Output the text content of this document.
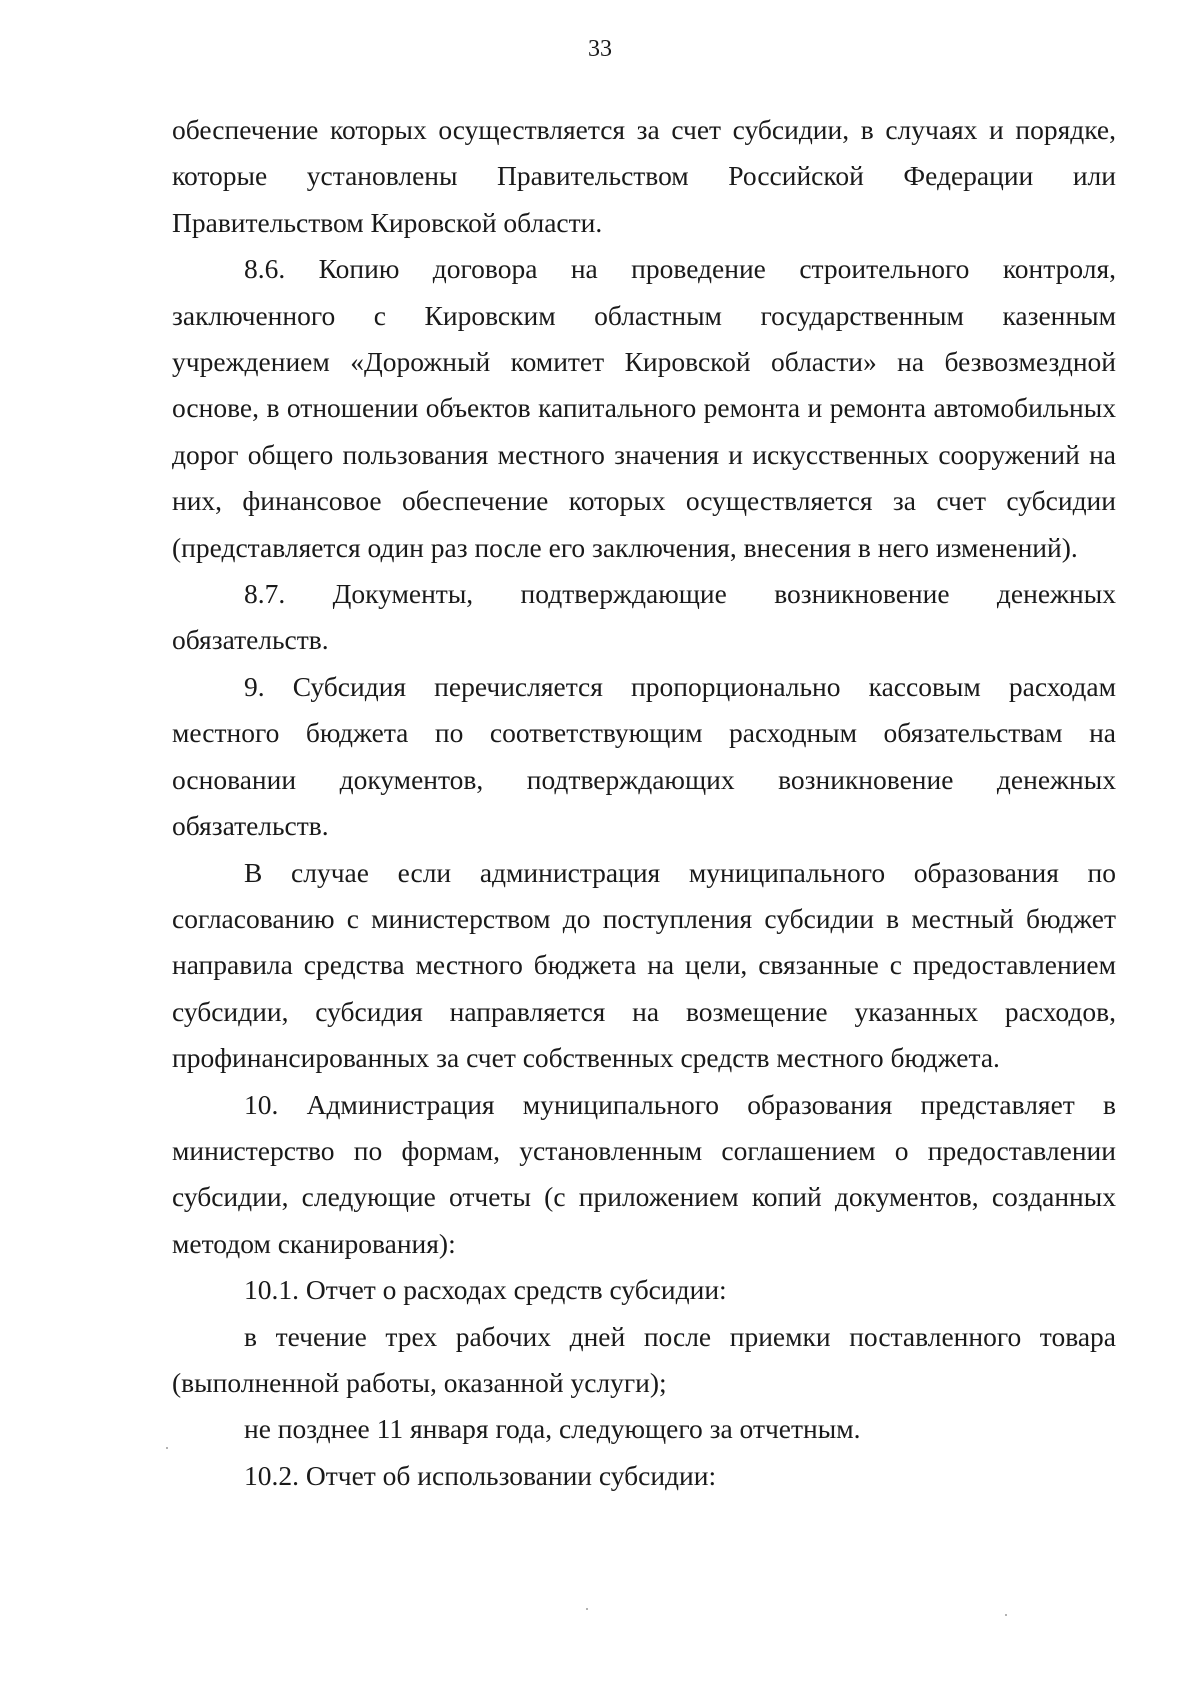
33

обеспечение которых осуществляется за счет субсидии, в случаях и порядке, которые установлены Правительством Российской Федерации или Правительством Кировской области.

8.6. Копию договора на проведение строительного контроля, заключенного с Кировским областным государственным казенным учреждением «Дорожный комитет Кировской области» на безвозмездной основе, в отношении объектов капитального ремонта и ремонта автомобильных дорог общего пользования местного значения и искусственных сооружений на них, финансовое обеспечение которых осуществляется за счет субсидии (представляется один раз после его заключения, внесения в него изменений).

8.7. Документы, подтверждающие возникновение денежных обязательств.

9. Субсидия перечисляется пропорционально кассовым расходам местного бюджета по соответствующим расходным обязательствам на основании документов, подтверждающих возникновение денежных обязательств.

В случае если администрация муниципального образования по согласованию с министерством до поступления субсидии в местный бюджет направила средства местного бюджета на цели, связанные с предоставлением субсидии, субсидия направляется на возмещение указанных расходов, профинансированных за счет собственных средств местного бюджета.

10. Администрация муниципального образования представляет в министерство по формам, установленным соглашением о предоставлении субсидии, следующие отчеты (с приложением копий документов, созданных методом сканирования):

10.1. Отчет о расходах средств субсидии:

в течение трех рабочих дней после приемки поставленного товара (выполненной работы, оказанной услуги);

не позднее 11 января года, следующего за отчетным.

10.2. Отчет об использовании субсидии:
